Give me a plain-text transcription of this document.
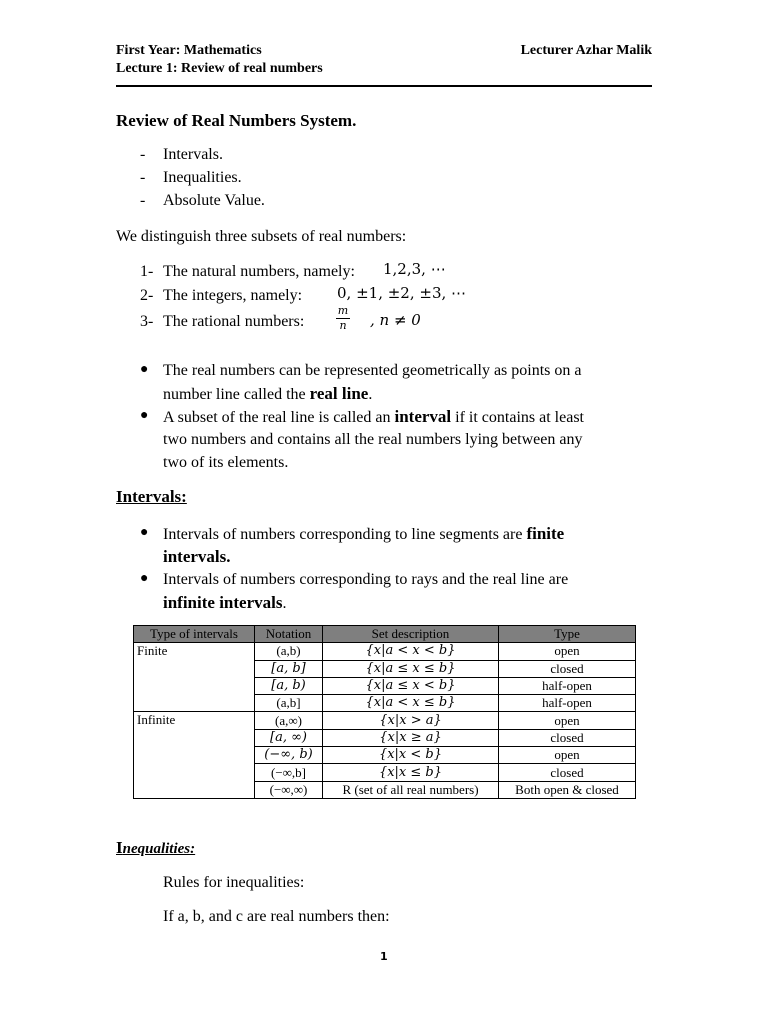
First Year: Mathematics
Lecture 1: Review of real numbers
Lecturer Azhar Malik
Review of Real Numbers System.
- Intervals.
- Inequalities.
- Absolute Value.
We distinguish three subsets of real numbers:
1- The natural numbers, namely: 1,2,3, ⋯
2- The integers, namely: 0, ±1, ±2, ±3, ⋯
3- The rational numbers:	$\frac{m}{n}$ , n ≠ 0
● The real numbers can be represented geometrically as points on a
number line called the real line.
● A subset of the real line is called an interval if it contains at least
two numbers and contains all the real numbers lying between any
two of its elements.
Intervals:
● Intervals of numbers corresponding to line segments are finite
intervals.
● Intervals of numbers corresponding to rays and the real line are
infinite intervals.
Type of intervals	Notation	Set description	Type
Finite	(a,b)	{x|a < x < b}	open
	[a, b]	{x|a ≤ x ≤ b}	closed
	[a, b)	{x|a ≤ x < b}	half-open
	(a,b]	{x|a < x ≤ b}	half-open
Infinite	(a,∞)	{x|x > a}	open
	[a, ∞)	{x|x ≥ a}	closed
	(−∞, b)	{x|x < b}	open
	(−∞,b]	{x|x ≤ b}	closed
	(−∞,∞)	R (set of all real numbers)	Both open & closed
Inequalities:
Rules for inequalities:
If a, b, and c are real numbers then:
1
